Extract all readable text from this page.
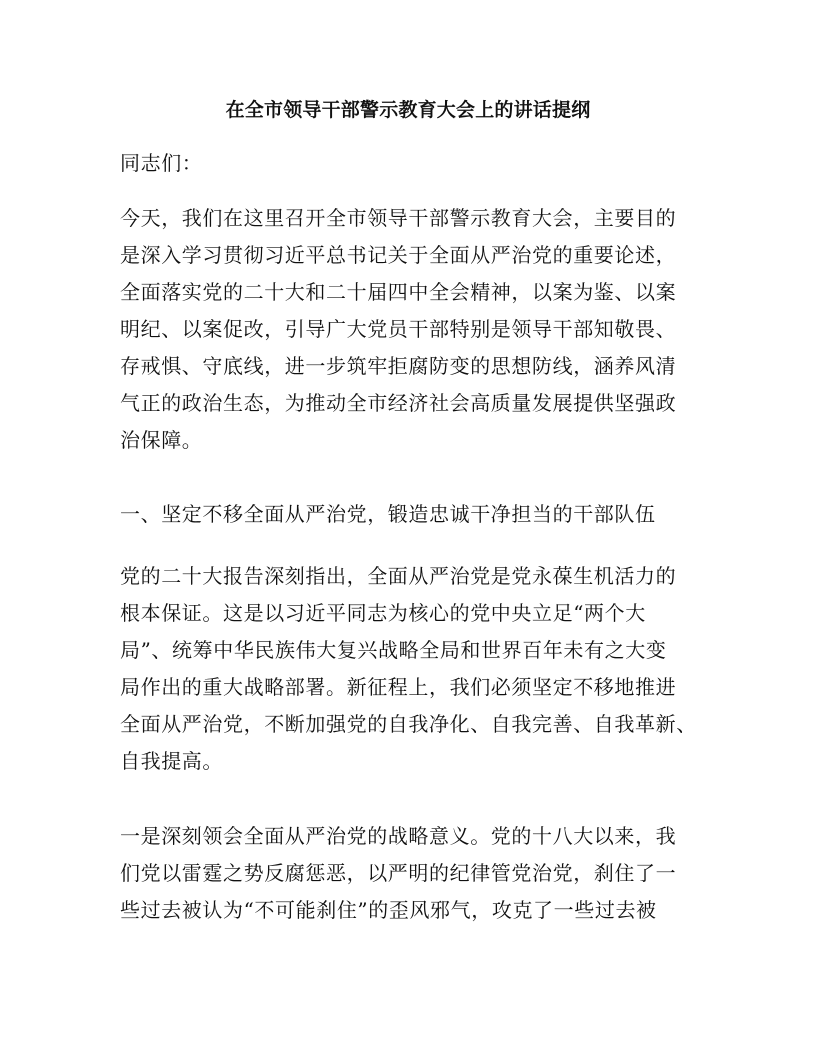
在全市领导干部警示教育大会上的讲话提纲
同志们：
今天，我们在这里召开全市领导干部警示教育大会，主要目的
是深入学习贯彻习近平总书记关于全面从严治党的重要论述，
全面落实党的二十大和二十届四中全会精神，以案为鉴、以案
明纪、以案促改，引导广大党员干部特别是领导干部知敬畏、
存戒惧、守底线，进一步筑牢拒腐防变的思想防线，涵养风清
气正的政治生态，为推动全市经济社会高质量发展提供坚强政
治保障。
一、坚定不移全面从严治党，锻造忠诚干净担当的干部队伍
党的二十大报告深刻指出，全面从严治党是党永葆生机活力的
根本保证。这是以习近平同志为核心的党中央立足“两个大
局”、统筹中华民族伟大复兴战略全局和世界百年未有之大变
局作出的重大战略部署。新征程上，我们必须坚定不移地推进
全面从严治党，不断加强党的自我净化、自我完善、自我革新、
自我提高。
一是深刻领会全面从严治党的战略意义。党的十八大以来，我
们党以雷霆之势反腐惩恶，以严明的纪律管党治党，刹住了一
些过去被认为“不可能刹住”的歪风邪气，攻克了一些过去被
